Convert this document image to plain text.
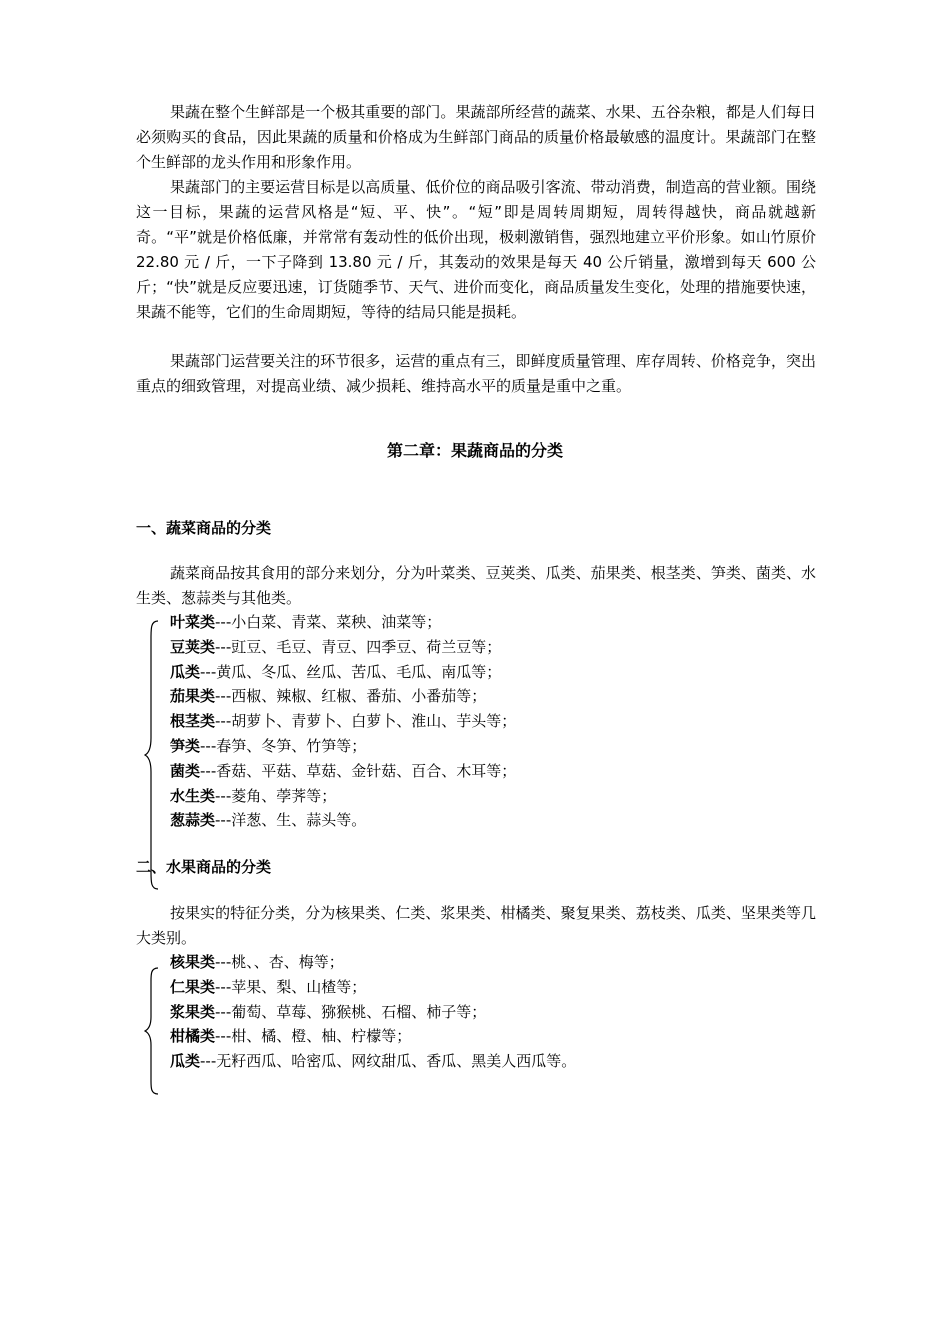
果蔬在整个生鲜部是一个极其重要的部门。果蔬部所经营的蔬菜、水果、五谷杂粮，都是人们每日必须购买的食品，因此果蔬的质量和价格成为生鲜部门商品的质量价格最敏感的温度计。果蔬部门在整个生鲜部的龙头作用和形象作用。

果蔬部门的主要运营目标是以高质量、低价位的商品吸引客流、带动消费，制造高的营业额。围绕这一目标，果蔬的运营风格是“短、平、快”。“短”即是周转周期短，周转得越快，商品就越新奇。“平”就是价格低廉，并常常有轰动性的低价出现，极刺激销售，强烈地建立平价形象。如山竹原价 22.80 元 / 斤，一下子降到 13.80 元 / 斤，其轰动的效果是每天 40 公斤销量，激增到每天 600 公斤；“快”就是反应要迅速，订货随季节、天气、进价而变化，商品质量发生变化，处理的措施要快速，果蔬不能等，它们的生命周期短，等待的结局只能是损耗。

果蔬部门运营要关注的环节很多，运营的重点有三，即鲜度质量管理、库存周转、价格竞争，突出重点的细致管理，对提高业绩、减少损耗、维持高水平的质量是重中之重。

第二章：果蔬商品的分类
一、蔬菜商品的分类

蔬菜商品按其食用的部分来划分，分为叶菜类、豆荚类、瓜类、茄果类、根茎类、笋类、菌类、水生类、葱蒜类与其他类。

叶菜类---小白菜、青菜、菜秧、油菜等；
豆荚类---豇豆、毛豆、青豆、四季豆、荷兰豆等；
瓜类---黄瓜、冬瓜、丝瓜、苦瓜、毛瓜、南瓜等；
茄果类---西椒、辣椒、红椒、番茄、小番茄等；
根茎类---胡萝卜、青萝卜、白萝卜、淮山、芋头等；
笋类---春笋、冬笋、竹笋等；
菌类---香菇、平菇、草菇、金针菇、百合、木耳等；
水生类---菱角、荸荠等；
葱蒜类---洋葱、生、蒜头等。
二、水果商品的分类

按果实的特征分类，分为核果类、仁类、浆果类、柑橘类、聚复果类、荔枝类、瓜类、坚果类等几大类别。

核果类---桃、、杏、梅等；
仁果类---苹果、梨、山楂等；
浆果类---葡萄、草莓、猕猴桃、石榴、柿子等；
柑橘类---柑、橘、橙、柚、柠檬等；
瓜类---无籽西瓜、哈密瓜、网纹甜瓜、香瓜、黑美人西瓜等。
